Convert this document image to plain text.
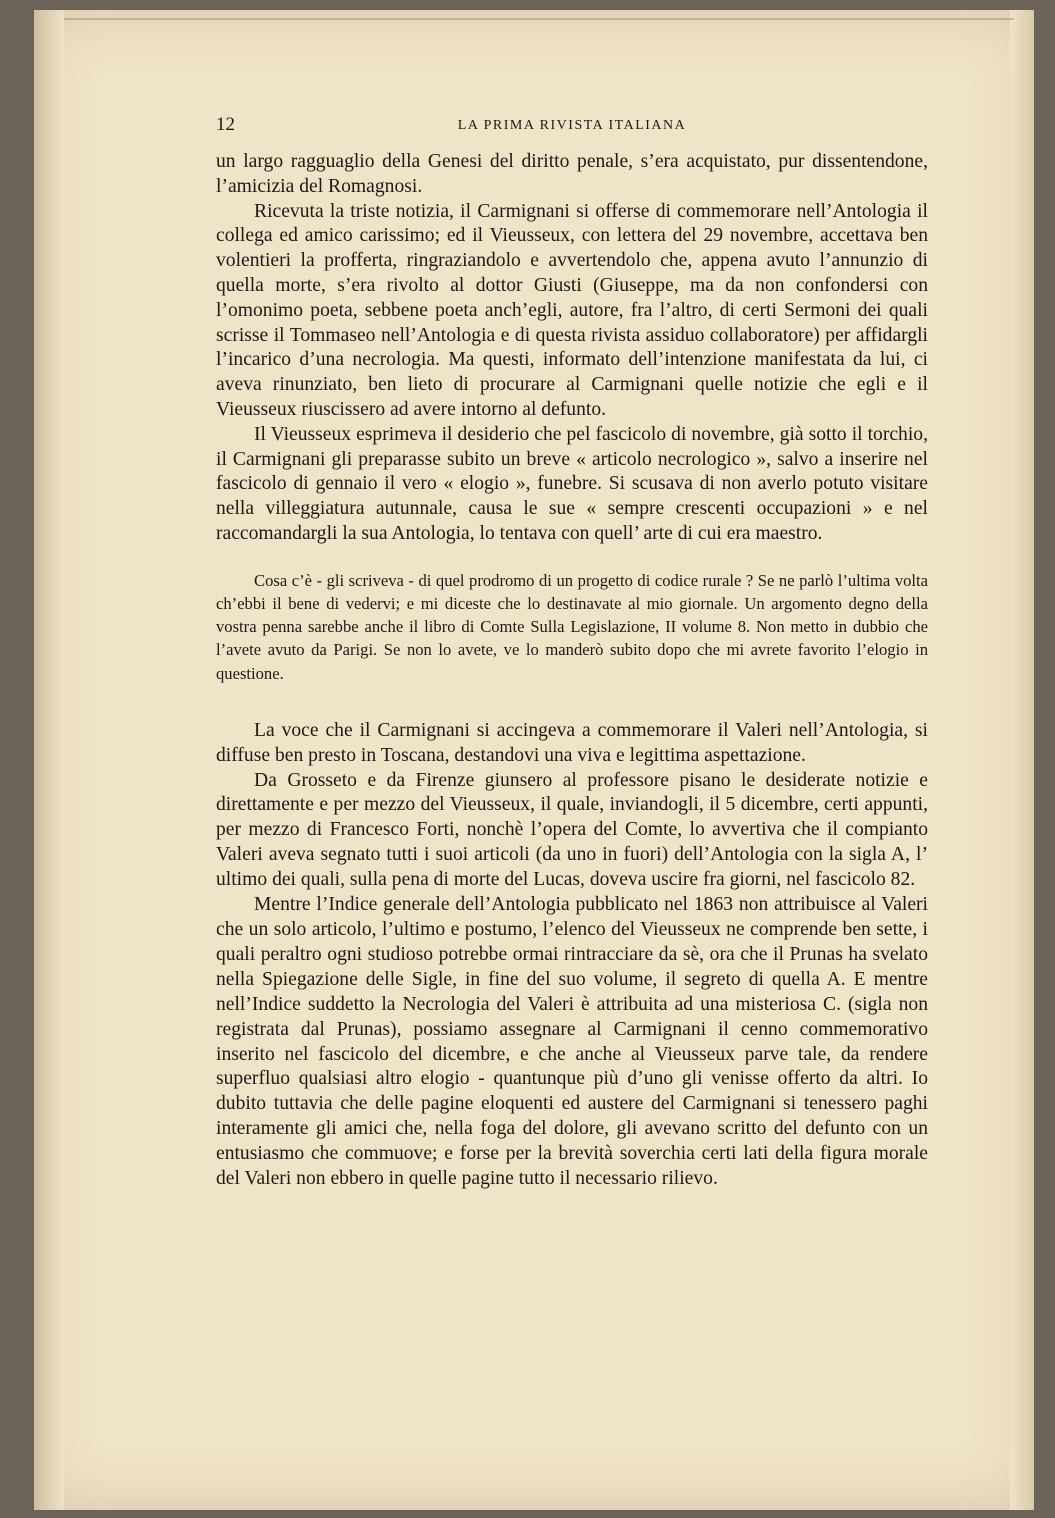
12	LA PRIMA RIVISTA ITALIANA

un largo ragguaglio della Genesi del diritto penale, s’era acquistato, pur dissentendone, l’amicizia del Romagnosi.

Ricevuta la triste notizia, il Carmignani si offerse di commemorare nell’Antologia il collega ed amico carissimo; ed il Vieusseux, con lettera del 29 novembre, accettava ben volentieri la profferta, ringraziandolo e avvertendolo che, appena avuto l’annunzio di quella morte, s’era rivolto al dottor Giusti (Giuseppe, ma da non confondersi con l’omonimo poeta, sebbene poeta anch’egli, autore, fra l’altro, di certi Sermoni dei quali scrisse il Tommaseo nell’Antologia e di questa rivista assiduo collaboratore) per affidargli l’incarico d’una necrologia. Ma questi, informato dell’intenzione manifestata da lui, ci aveva rinunziato, ben lieto di procurare al Carmignani quelle notizie che egli e il Vieusseux riuscissero ad avere intorno al defunto.

Il Vieusseux esprimeva il desiderio che pel fascicolo di novembre, già sotto il torchio, il Carmignani gli preparasse subito un breve « articolo necrologico », salvo a inserire nel fascicolo di gennaio il vero « elogio », funebre. Si scusava di non averlo potuto visitare nella villeggiatura autunnale, causa le sue « sempre crescenti occupazioni » e nel raccomandargli la sua Antologia, lo tentava con quell’ arte di cui era maestro.

Cosa c’è - gli scriveva - di quel prodromo di un progetto di codice rurale ? Se ne parlò l’ultima volta ch’ebbi il bene di vedervi; e mi diceste che lo destinavate al mio giornale. Un argomento degno della vostra penna sarebbe anche il libro di Comte Sulla Legislazione, II volume 8. Non metto in dubbio che l’avete avuto da Parigi. Se non lo avete, ve lo manderò subito dopo che mi avrete favorito l’elogio in questione.

La voce che il Carmignani si accingeva a commemorare il Valeri nell’Antologia, si diffuse ben presto in Toscana, destandovi una viva e legittima aspettazione.

Da Grosseto e da Firenze giunsero al professore pisano le desiderate notizie e direttamente e per mezzo del Vieusseux, il quale, inviandogli, il 5 dicembre, certi appunti, per mezzo di Francesco Forti, nonchè l’opera del Comte, lo avvertiva che il compianto Valeri aveva segnato tutti i suoi articoli (da uno in fuori) dell’Antologia con la sigla A, l’ ultimo dei quali, sulla pena di morte del Lucas, doveva uscire fra giorni, nel fascicolo 82.

Mentre l’Indice generale dell’Antologia pubblicato nel 1863 non attribuisce al Valeri che un solo articolo, l’ultimo e postumo, l’elenco del Vieusseux ne comprende ben sette, i quali peraltro ogni studioso potrebbe ormai rintracciare da sè, ora che il Prunas ha svelato nella Spiegazione delle Sigle, in fine del suo volume, il segreto di quella A. E mentre nell’Indice suddetto la Necrologia del Valeri è attribuita ad una misteriosa C. (sigla non registrata dal Prunas), possiamo assegnare al Carmignani il cenno commemorativo inserito nel fascicolo del dicembre, e che anche al Vieusseux parve tale, da rendere superfluo qualsiasi altro elogio - quantunque più d’uno gli venisse offerto da altri. Io dubito tuttavia che delle pagine eloquenti ed austere del Carmignani si tenessero paghi interamente gli amici che, nella foga del dolore, gli avevano scritto del defunto con un entusiasmo che commuove; e forse per la brevità soverchia certi lati della figura morale del Valeri non ebbero in quelle pagine tutto il necessario rilievo.
